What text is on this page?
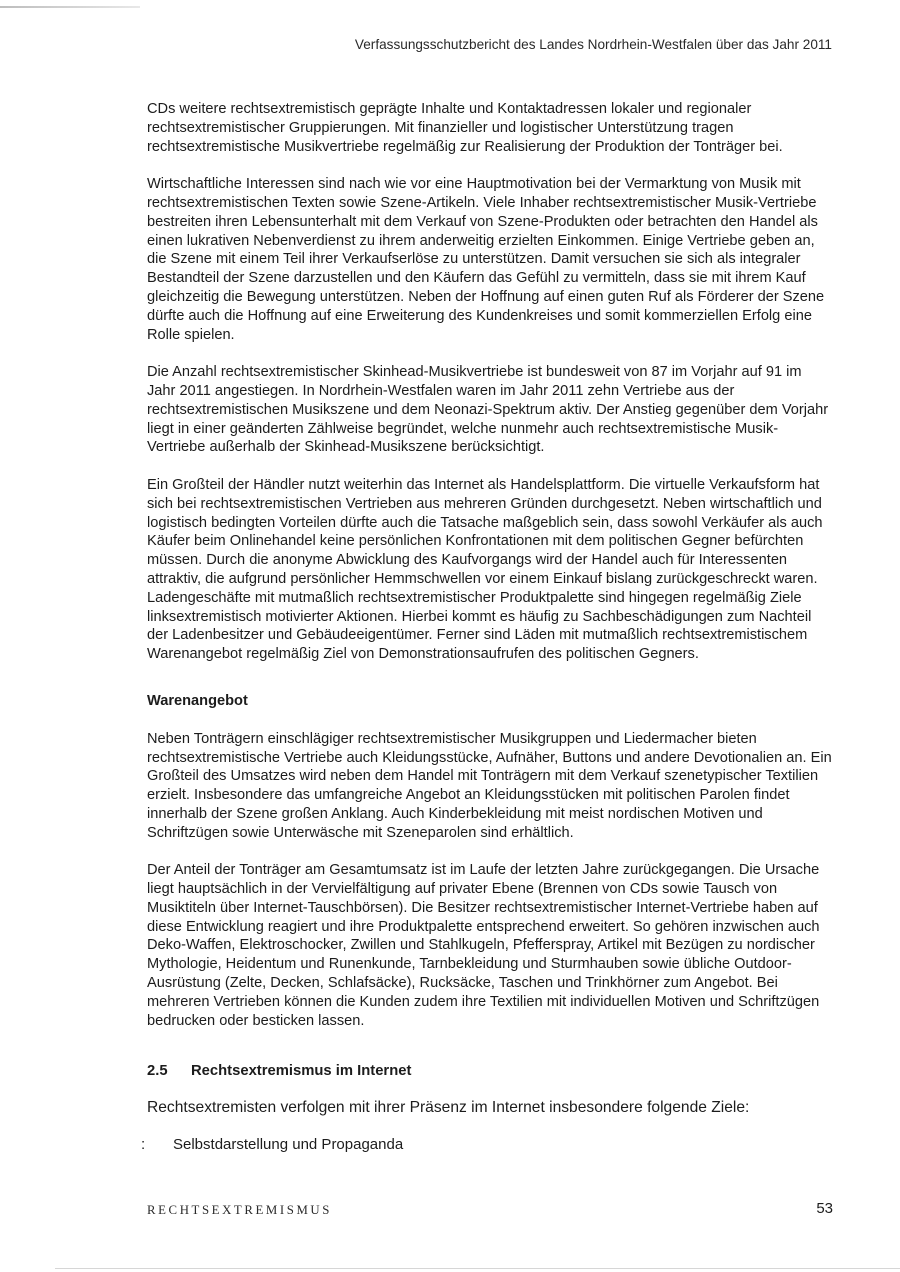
Verfassungsschutzbericht des Landes Nordrhein-Westfalen über das Jahr 2011

CDs weitere rechtsextremistisch geprägte Inhalte und Kontaktadressen lokaler und regionaler rechtsextremistischer Gruppierungen. Mit finanzieller und logistischer Unterstützung tragen rechtsextremistische Musikvertriebe regelmäßig zur Realisierung der Produktion der Tonträger bei.

Wirtschaftliche Interessen sind nach wie vor eine Hauptmotivation bei der Vermarktung von Musik mit rechtsextremistischen Texten sowie Szene-Artikeln. Viele Inhaber rechtsextremistischer Musik-Vertriebe bestreiten ihren Lebensunterhalt mit dem Verkauf von Szene-Produkten oder betrachten den Handel als einen lukrativen Nebenverdienst zu ihrem anderweitig erzielten Einkommen. Einige Vertriebe geben an, die Szene mit einem Teil ihrer Verkaufserlöse zu unterstützen. Damit versuchen sie sich als integraler Bestandteil der Szene darzustellen und den Käufern das Gefühl zu vermitteln, dass sie mit ihrem Kauf gleichzeitig die Bewegung unterstützen. Neben der Hoffnung auf einen guten Ruf als Förderer der Szene dürfte auch die Hoffnung auf eine Erweiterung des Kundenkreises und somit kommerziellen Erfolg eine Rolle spielen.

Die Anzahl rechtsextremistischer Skinhead-Musikvertriebe ist bundesweit von 87 im Vorjahr auf 91 im Jahr 2011 angestiegen. In Nordrhein-Westfalen waren im Jahr 2011 zehn Vertriebe aus der rechtsextremistischen Musikszene und dem Neonazi-Spektrum aktiv. Der Anstieg gegenüber dem Vorjahr liegt in einer geänderten Zählweise begründet, welche nunmehr auch rechtsextremistische Musik-Vertriebe außerhalb der Skinhead-Musikszene berücksichtigt.

Ein Großteil der Händler nutzt weiterhin das Internet als Handelsplattform. Die virtuelle Verkaufsform hat sich bei rechtsextremistischen Vertrieben aus mehreren Gründen durchgesetzt. Neben wirtschaftlich und logistisch bedingten Vorteilen dürfte auch die Tatsache maßgeblich sein, dass sowohl Verkäufer als auch Käufer beim Onlinehandel keine persönlichen Konfrontationen mit dem politischen Gegner befürchten müssen. Durch die anonyme Abwicklung des Kaufvorgangs wird der Handel auch für Interessenten attraktiv, die aufgrund persönlicher Hemmschwellen vor einem Einkauf bislang zurückgeschreckt waren. Ladengeschäfte mit mutmaßlich rechtsextremistischer Produktpalette sind hingegen regelmäßig Ziele linksextremistisch motivierter Aktionen. Hierbei kommt es häufig zu Sachbeschädigungen zum Nachteil der Ladenbesitzer und Gebäudeeigentümer. Ferner sind Läden mit mutmaßlich rechtsextremistischem Warenangebot regelmäßig Ziel von Demonstrationsaufrufen des politischen Gegners.

Warenangebot

Neben Tonträgern einschlägiger rechtsextremistischer Musikgruppen und Liedermacher bieten rechtsextremistische Vertriebe auch Kleidungsstücke, Aufnäher, Buttons und andere Devotionalien an. Ein Großteil des Umsatzes wird neben dem Handel mit Tonträgern mit dem Verkauf szenetypischer Textilien erzielt. Insbesondere das umfangreiche Angebot an Kleidungsstücken mit politischen Parolen findet innerhalb der Szene großen Anklang. Auch Kinderbekleidung mit meist nordischen Motiven und Schriftzügen sowie Unterwäsche mit Szeneparolen sind erhältlich.

Der Anteil der Tonträger am Gesamtumsatz ist im Laufe der letzten Jahre zurückgegangen. Die Ursache liegt hauptsächlich in der Vervielfältigung auf privater Ebene (Brennen von CDs sowie Tausch von Musiktiteln über Internet-Tauschbörsen). Die Besitzer rechtsextremistischer Internet-Vertriebe haben auf diese Entwicklung reagiert und ihre Produktpalette entsprechend erweitert. So gehören inzwischen auch Deko-Waffen, Elektroschocker, Zwillen und Stahlkugeln, Pfefferspray, Artikel mit Bezügen zu nordischer Mythologie, Heidentum und Runenkunde, Tarnbekleidung und Sturmhauben sowie übliche Outdoor-Ausrüstung (Zelte, Decken, Schlafsäcke), Rucksäcke, Taschen und Trinkhörner zum Angebot. Bei mehreren Vertrieben können die Kunden zudem ihre Textilien mit individuellen Motiven und Schriftzügen bedrucken oder besticken lassen.

2.5	Rechtsextremismus im Internet
Rechtsextremisten verfolgen mit ihrer Präsenz im Internet insbesondere folgende Ziele:
:	Selbstdarstellung und Propaganda
RECHTSEXTREMISMUS	53
